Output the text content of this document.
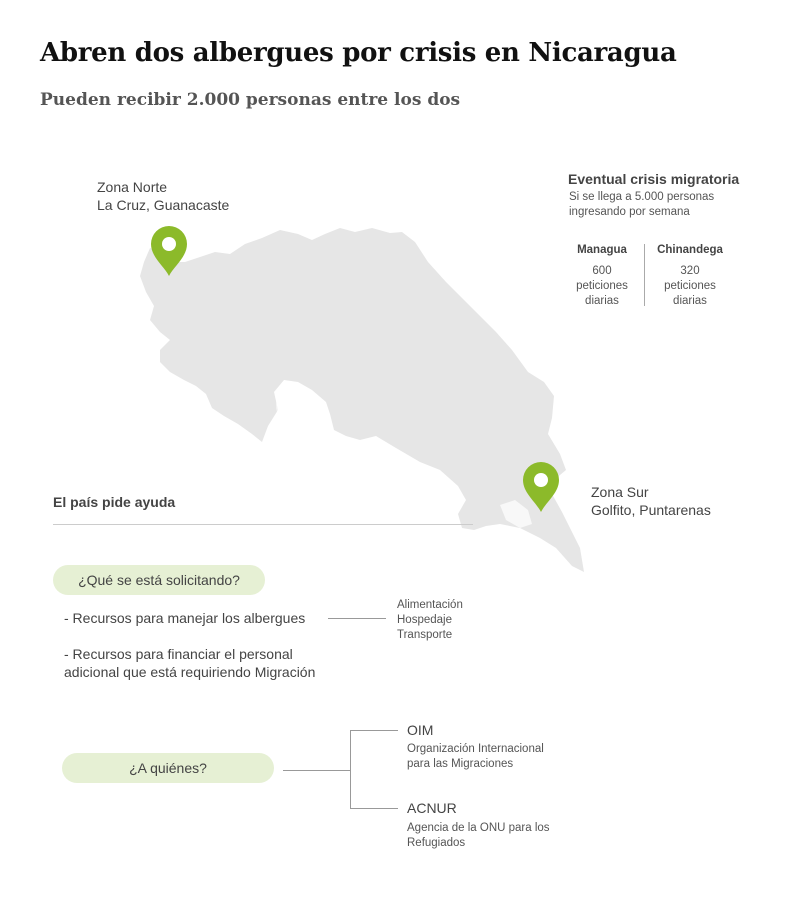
Abren dos albergues por crisis en Nicaragua
Pueden recibir 2.000 personas entre los dos
Zona Norte
La Cruz, Guanacaste
Zona Sur
Golfito, Puntarenas
Eventual crisis migratoria
Si se llega a 5.000 personas
ingresando por semana
Managua
600
peticiones
diarias
Chinandega
320
peticiones
diarias
El país pide ayuda
¿Qué se está solicitando?
- Recursos para manejar los albergues
Alimentación
Hospedaje
Transporte
- Recursos para financiar el personal
adicional que está requiriendo Migración
¿A quiénes?
OIM
Organización Internacional
para las Migraciones
ACNUR
Agencia de la ONU para los
Refugiados
